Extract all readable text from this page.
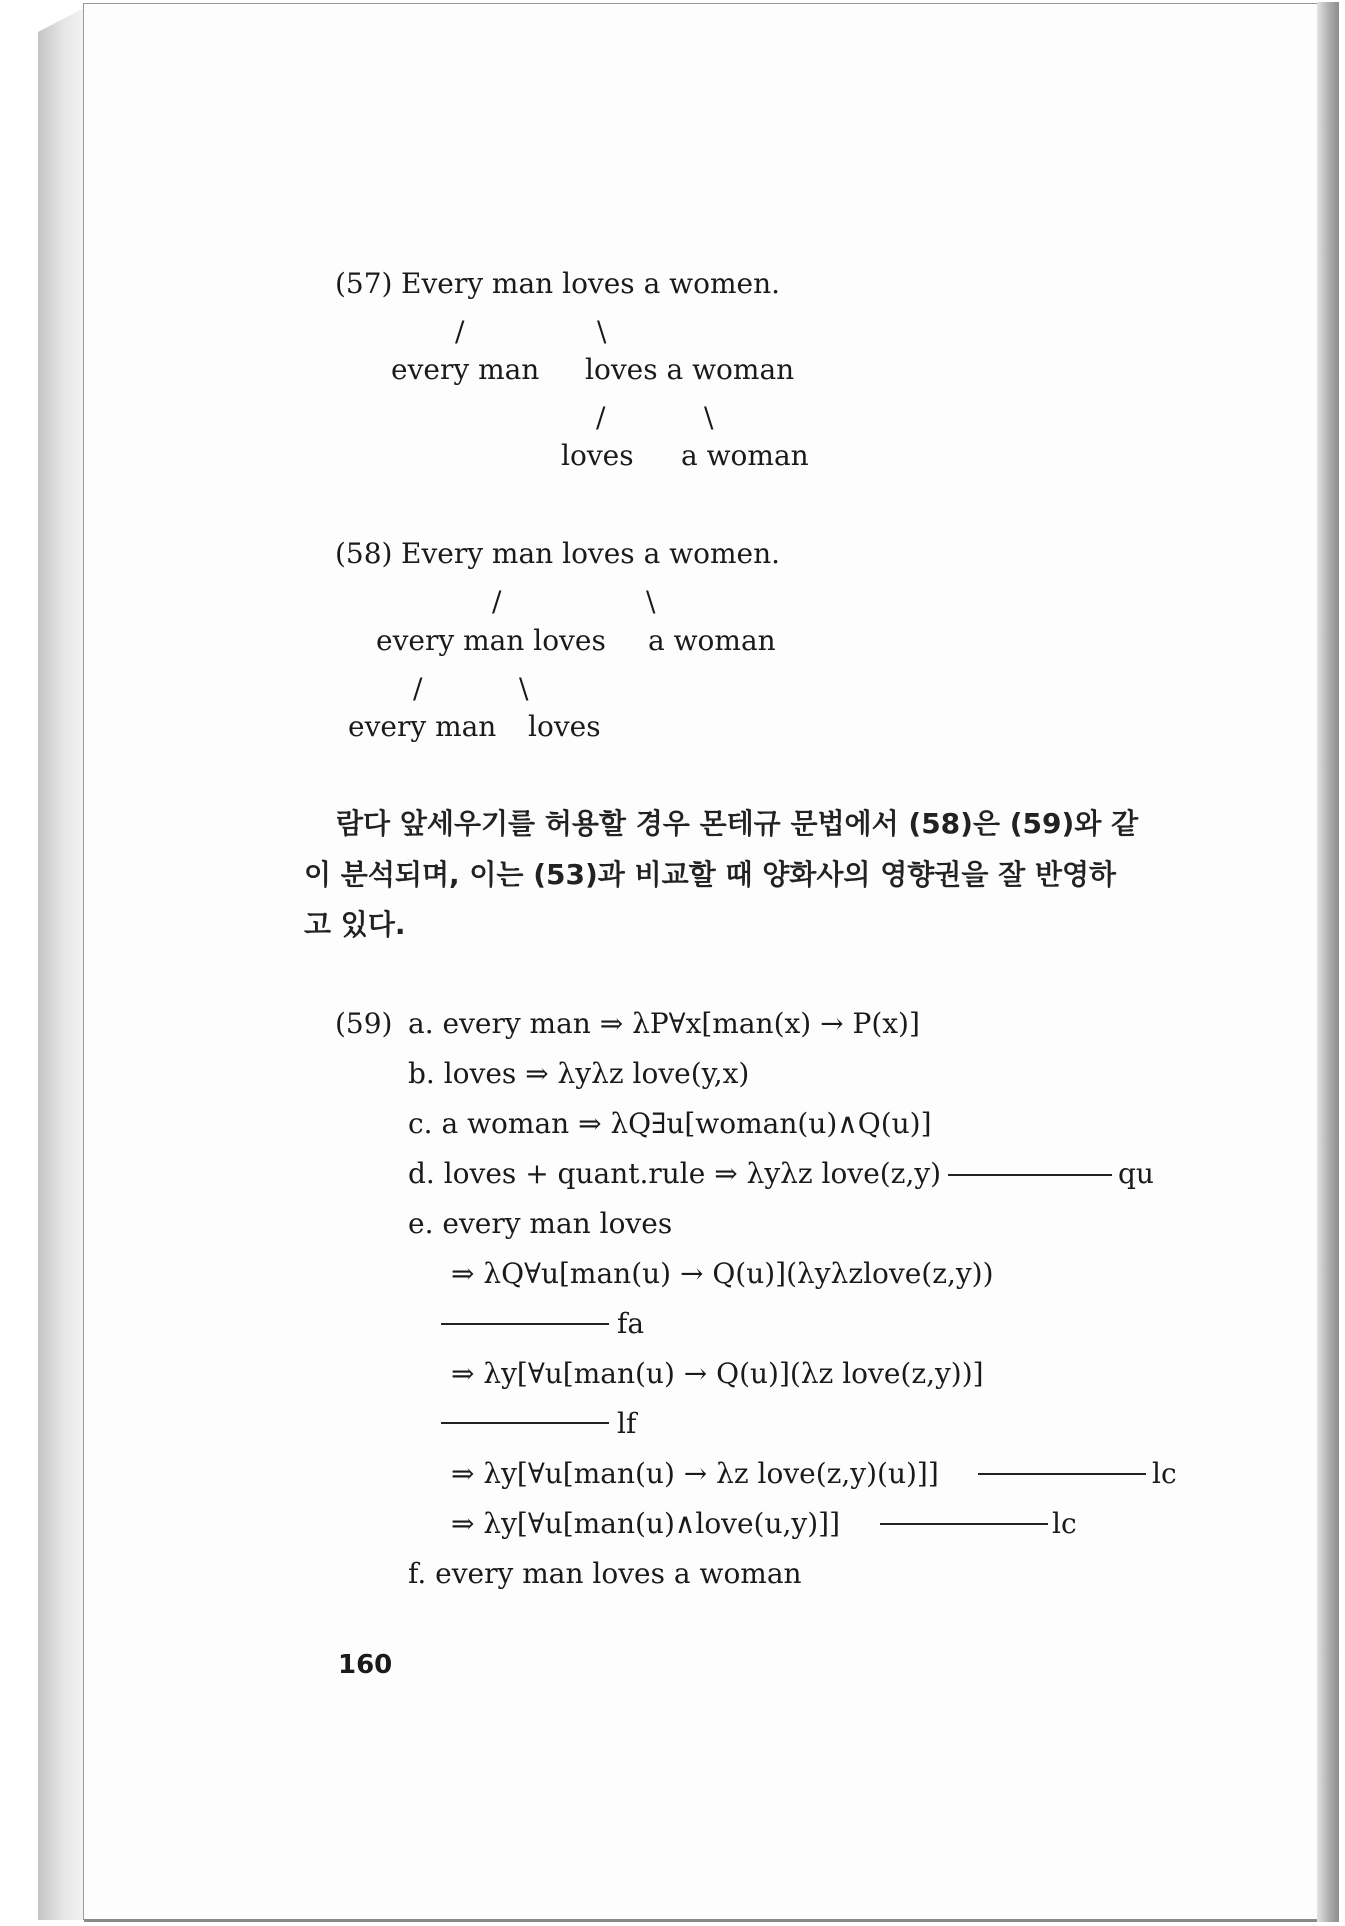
(57) Every man loves a women.
/	\
every man loves a woman
/	\
loves a woman
(58) Every man loves a women.
/	\
every man loves a woman
/	\
every man loves
람다 앞세우기를 허용할 경우 몬테규 문법에서 (58)은 (59)와 같
이 분석되며, 이는 (53)과 비교할 때 양화사의 영향권을 잘 반영하
고 있다.
(59) a. every man ⇒ λP∀x[man(x) → P(x)]
b. loves ⇒ λyλz love(y,x)
c. a woman ⇒ λQ∃u[woman(u)∧Q(u)]
d. loves + quant.rule ⇒ λyλz love(z,y)	qu
e. every man loves
⇒ λQ∀u[man(u) → Q(u)](λyλzlove(z,y))
fa
⇒ λy[∀u[man(u) → Q(u)](λz love(z,y))]
lf
⇒ λy[∀u[man(u) → λz love(z,y)(u)]]	lc
⇒ λy[∀u[man(u)∧love(u,y)]]	lc
f. every man loves a woman
160
